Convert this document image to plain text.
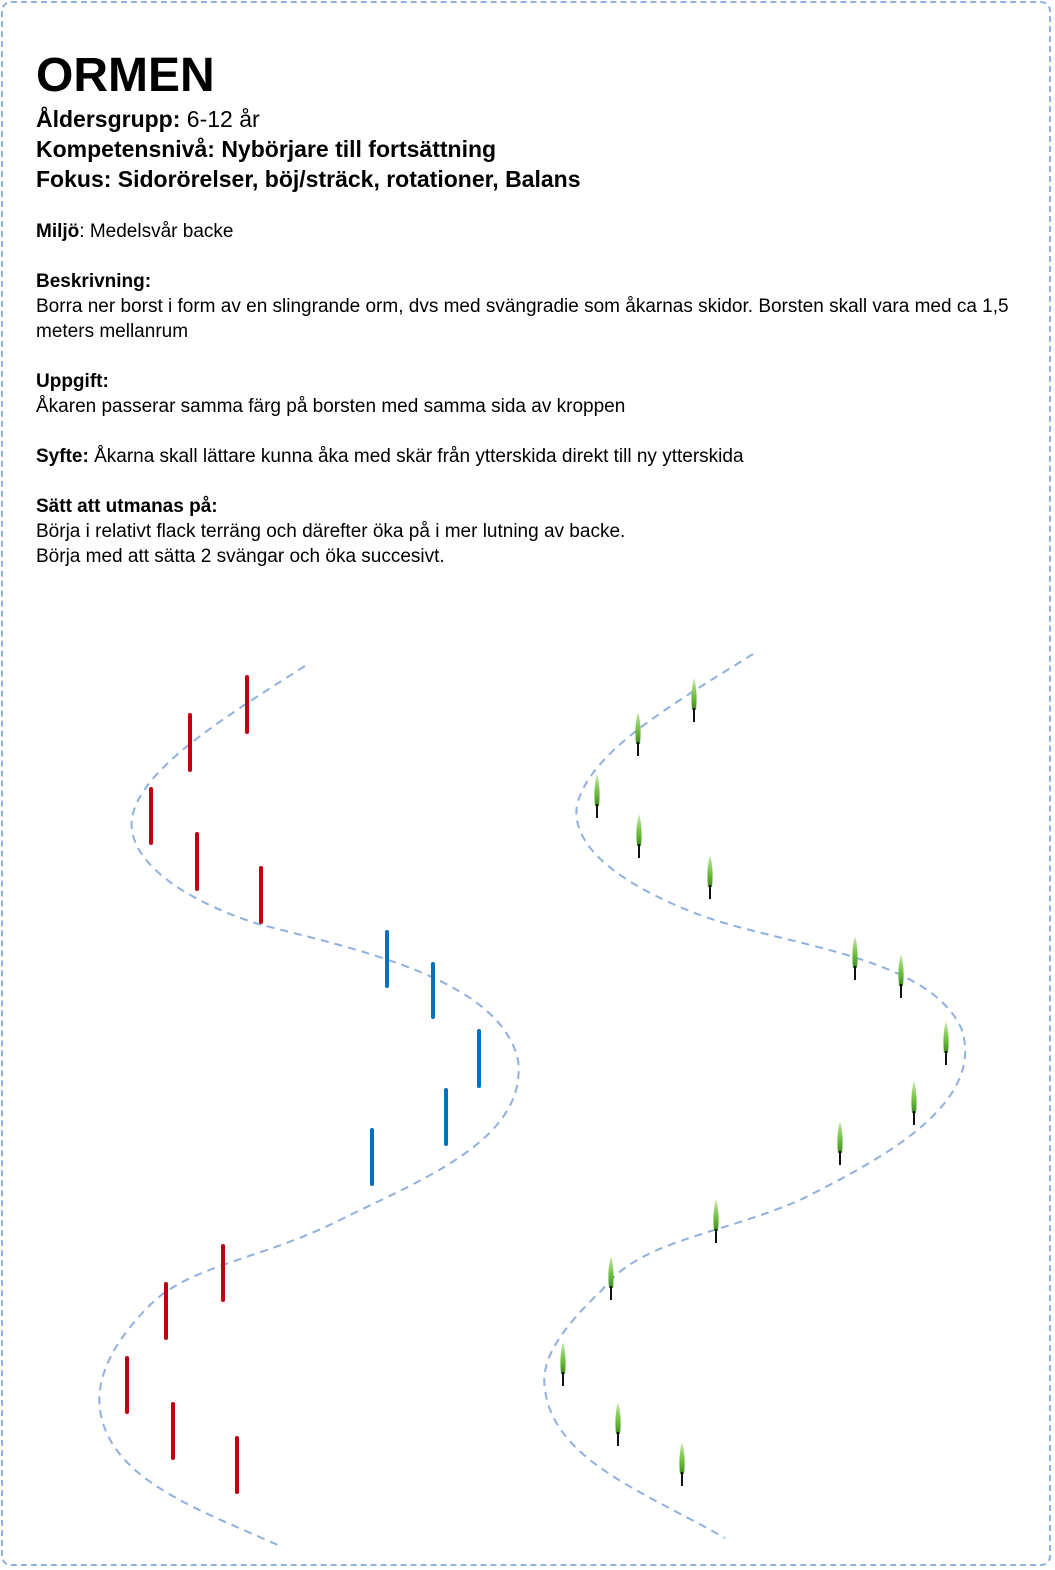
ORMEN

Åldersgrupp: 6-12 år

Kompetensnivå: Nybörjare till fortsättning

Fokus: Sidorörelser, böj/sträck, rotationer, Balans

Miljö: Medelsvår backe

Beskrivning:

Borra ner borst i form av en slingrande orm, dvs med svängradie som åkarnas skidor. Borsten skall vara med ca 1,5 meters mellanrum

Uppgift:

Åkaren passerar samma färg på borsten med samma sida av kroppen

Syfte: Åkarna skall lättare kunna åka med skär från ytterskida direkt till ny ytterskida

Sätt att utmanas på:

Börja i relativt flack terräng och därefter öka på i mer lutning av backe.

Börja med att sätta 2 svängar och öka succesivt.
